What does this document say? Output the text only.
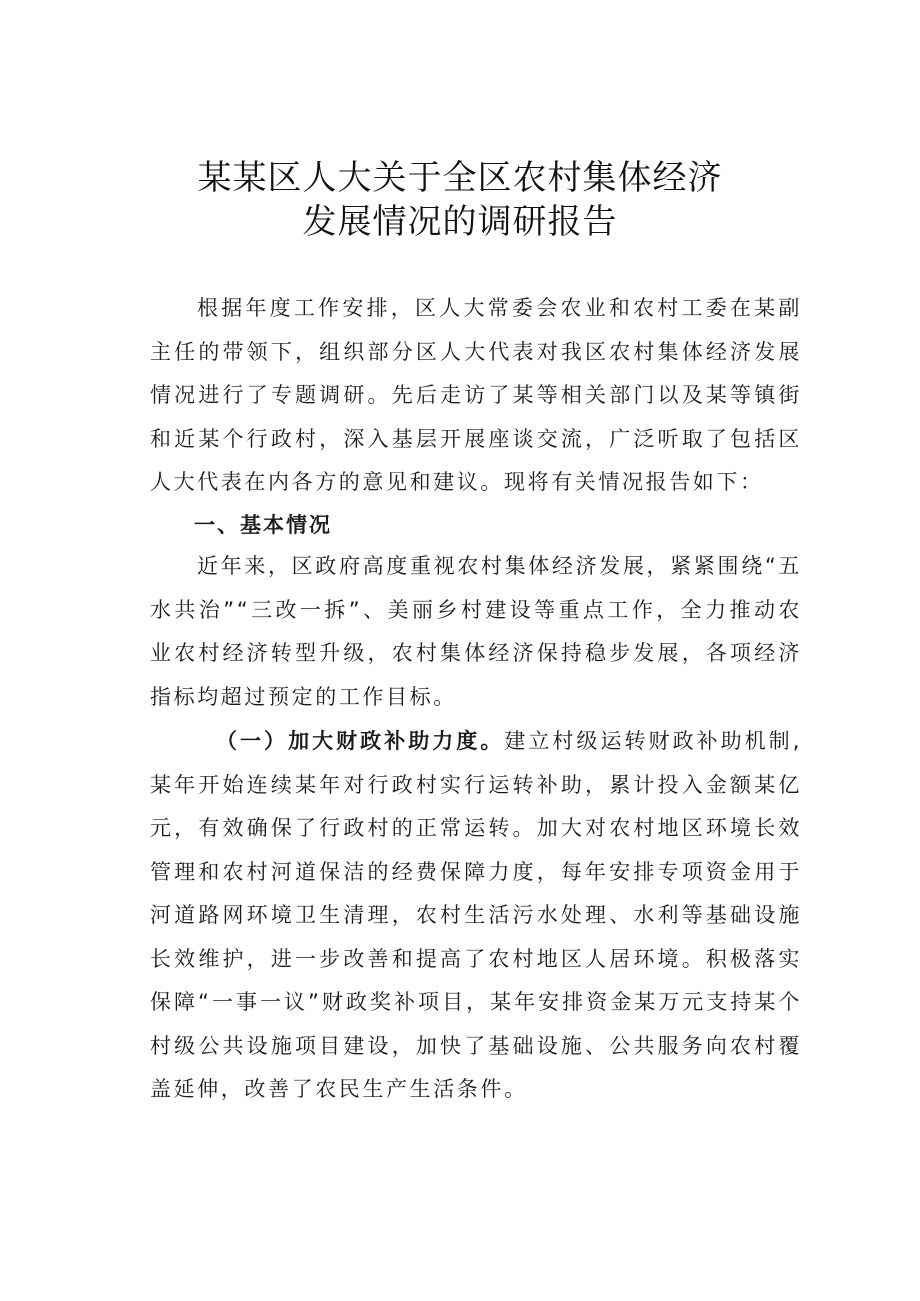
某某区人大关于全区农村集体经济
发展情况的调研报告

根据年度工作安排，区人大常委会农业和农村工委在某副主任的带领下，组织部分区人大代表对我区农村集体经济发展情况进行了专题调研。先后走访了某等相关部门以及某等镇街和近某个行政村，深入基层开展座谈交流，广泛听取了包括区人大代表在内各方的意见和建议。现将有关情况报告如下：

一、基本情况

近年来，区政府高度重视农村集体经济发展，紧紧围绕“五水共治”“三改一拆”、美丽乡村建设等重点工作，全力推动农业农村经济转型升级，农村集体经济保持稳步发展，各项经济指标均超过预定的工作目标。

（一）加大财政补助力度。建立村级运转财政补助机制,某年开始连续某年对行政村实行运转补助，累计投入金额某亿元，有效确保了行政村的正常运转。加大对农村地区环境长效管理和农村河道保洁的经费保障力度，每年安排专项资金用于河道路网环境卫生清理，农村生活污水处理、水利等基础设施长效维护，进一步改善和提高了农村地区人居环境。积极落实保障“一事一议”财政奖补项目，某年安排资金某万元支持某个村级公共设施项目建设，加快了基础设施、公共服务向农村覆盖延伸，改善了农民生产生活条件。
